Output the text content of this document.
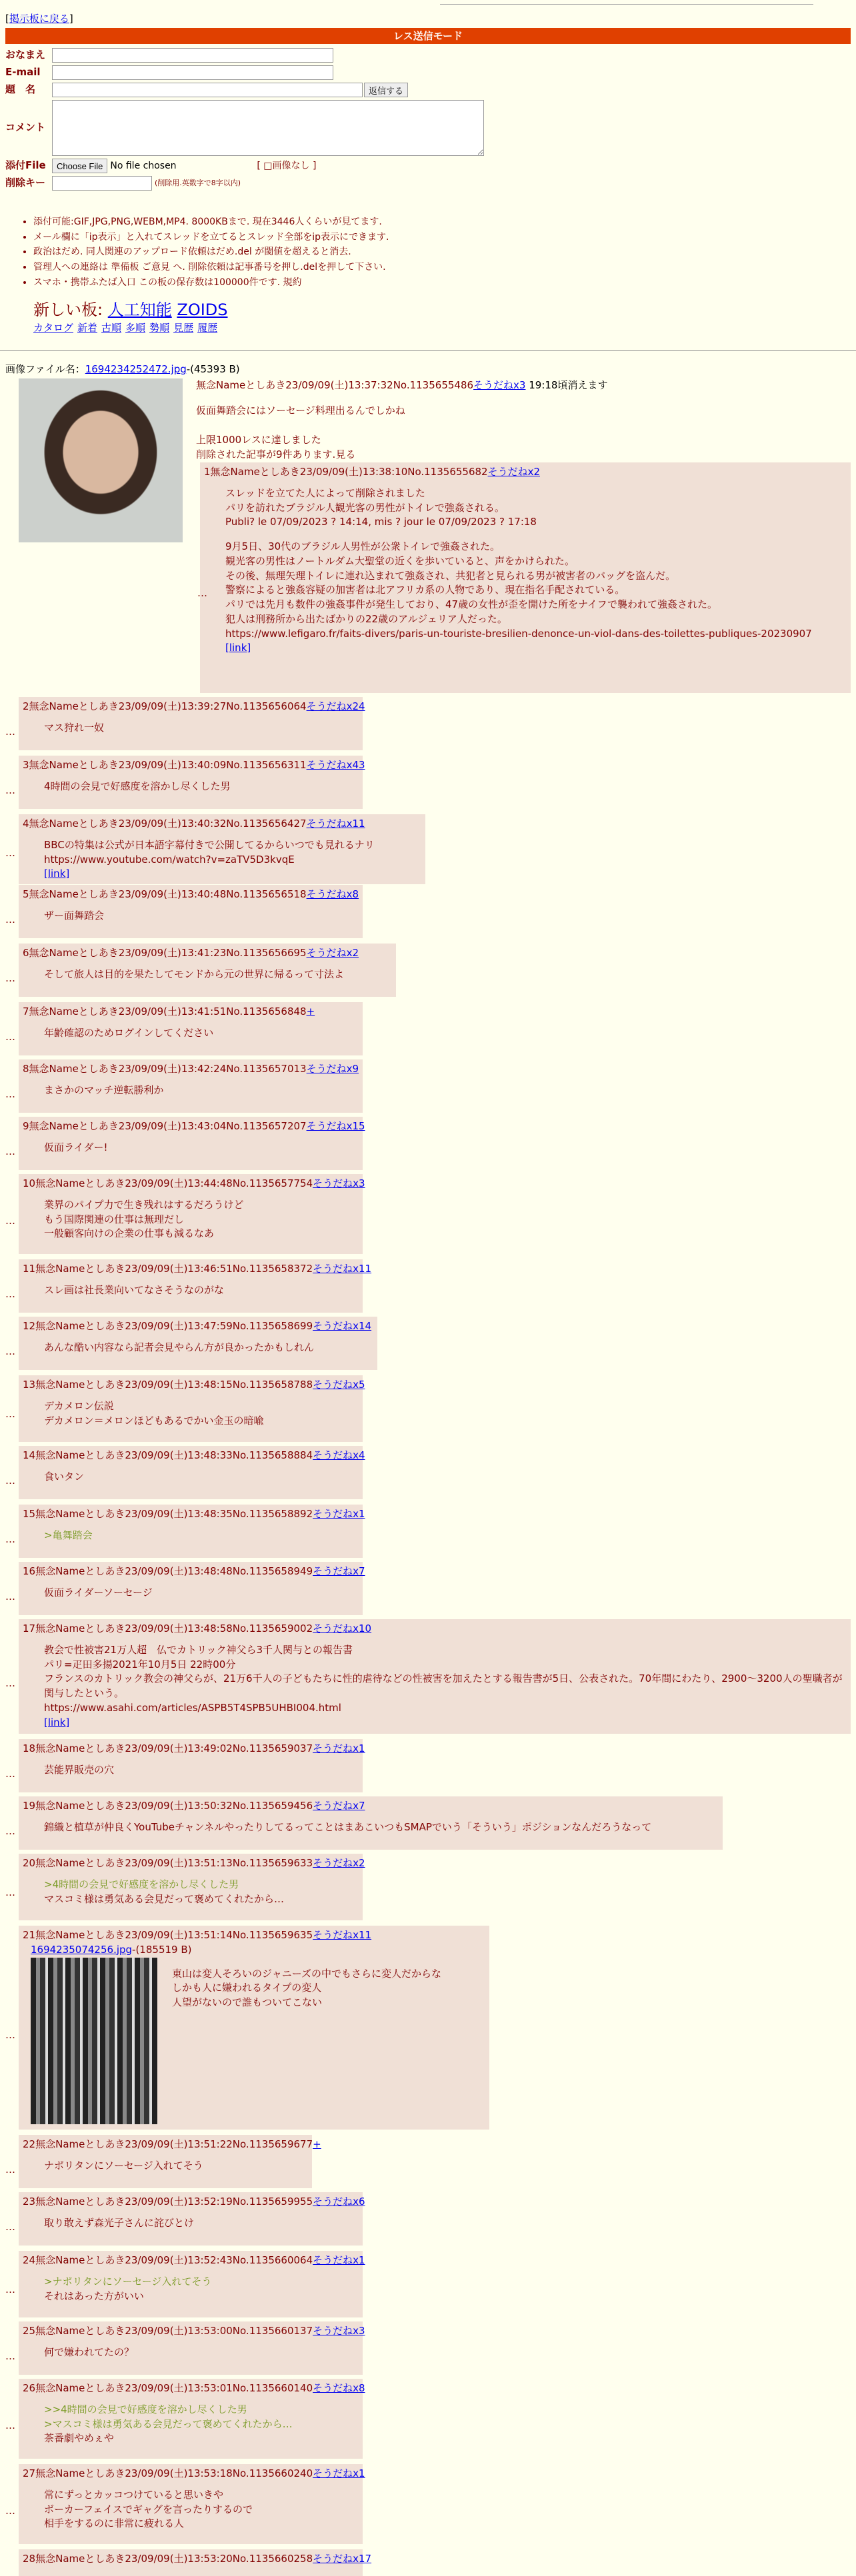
[掲示板に戻る]
レス送信モード
おなまえ
E-mail
題　名	返信する
コメント
添付File	Choose File No file chosen	[ □画像なし ]
削除キー	(削除用.英数字で8字以内)
• 添付可能:GIF,JPG,PNG,WEBM,MP4. 8000KBまで. 現在3446人くらいが見てます.
• メール欄に「ip表示」と入れてスレッドを立てるとスレッド全部をip表示にできます.
• 政治はだめ. 同人関連のアップロード依頼はだめ.del が閾値を超えると消去.
• 管理人への連絡は 準備板 ご意見 へ. 削除依頼は記事番号を押し.delを押して下さい.
• スマホ・携帯ふたば入口 この板の保存数は100000件です. 規約
新しい板: 人工知能 ZOIDS
カタログ 新着 古順 多順 勢順 見歴 履歴
画像ファイル名：1694234252472.jpg-(45393 B)
無念Nameとしあき23/09/09(土)13:37:32No.1135655486そうだねx3 19:18頃消えます
仮面舞踏会にはソーセージ料理出るんでしかね
上限1000レスに達しました
削除された記事が9件あります.見る
1無念Nameとしあき23/09/09(土)13:38:10No.1135655682そうだねx2
スレッドを立てた人によって削除されました
パリを訪れたブラジル人観光客の男性がトイレで強姦される。
Publi? le 07/09/2023 ? 14:14, mis ? jour le 07/09/2023 ? 17:18
9月5日、30代のブラジル人男性が公衆トイレで強姦された。
観光客の男性はノートルダム大聖堂の近くを歩いていると、声をかけられた。
その後、無理矢理トイレに連れ込まれて強姦され、共犯者と見られる男が被害者のバッグを盗んだ。
警察によると強姦容疑の加害者は北アフリカ系の人物であり、現在指名手配されている。
パリでは先月も数件の強姦事件が発生しており、47歳の女性が歪を開けた所をナイフで襲われて強姦された。
犯人は刑務所から出たばかりの22歳のアルジェリア人だった。
https://www.lefigaro.fr/faits-divers/paris-un-touriste-bresilien-denonce-un-viol-dans-des-toilettes-publiques-20230907
[link]
…
2無念Nameとしあき23/09/09(土)13:39:27No.1135656064そうだねx24
マス狩れ一奴
…
3無念Nameとしあき23/09/09(土)13:40:09No.1135656311そうだねx43
4時間の会見で好感度を溶かし尽くした男
…
4無念Nameとしあき23/09/09(土)13:40:32No.1135656427そうだねx11
BBCの特集は公式が日本語字幕付きで公開してるからいつでも見れるナリ
https://www.youtube.com/watch?v=zaTV5D3kvqE
[link]
…
5無念Nameとしあき23/09/09(土)13:40:48No.1135656518そうだねx8
ザー面舞踏会
…
6無念Nameとしあき23/09/09(土)13:41:23No.1135656695そうだねx2
そして旅人は目的を果たしてモンドから元の世界に帰るって寸法よ
…
7無念Nameとしあき23/09/09(土)13:41:51No.1135656848+
年齢確認のためログインしてください
…
8無念Nameとしあき23/09/09(土)13:42:24No.1135657013そうだねx9
まさかのマッチ逆転勝利か
…
9無念Nameとしあき23/09/09(土)13:43:04No.1135657207そうだねx15
仮面ライダー!
…
10無念Nameとしあき23/09/09(土)13:44:48No.1135657754そうだねx3
業界のパイプ力で生き残れはするだろうけど
もう国際関連の仕事は無理だし
一般顧客向けの企業の仕事も減るなあ
…
11無念Nameとしあき23/09/09(土)13:46:51No.1135658372そうだねx11
スレ画は社長業向いてなさそうなのがな
…
12無念Nameとしあき23/09/09(土)13:47:59No.1135658699そうだねx14
あんな酷い内容なら記者会見やらん方が良かったかもしれん
…
13無念Nameとしあき23/09/09(土)13:48:15No.1135658788そうだねx5
デカメロン伝説
デカメロン＝メロンほどもあるでかい金玉の暗喩
…
14無念Nameとしあき23/09/09(土)13:48:33No.1135658884そうだねx4
食いタン
…
15無念Nameとしあき23/09/09(土)13:48:35No.1135658892そうだねx1
>亀舞踏会
…
16無念Nameとしあき23/09/09(土)13:48:48No.1135658949そうだねx7
仮面ライダーソーセージ
…
17無念Nameとしあき23/09/09(土)13:48:58No.1135659002そうだねx10
教会で性被害21万人超　仏でカトリック神父ら3千人関与との報告書
パリ=疋田多揚2021年10月5日 22時00分
フランスのカトリック教会の神父らが、21万6千人の子どもたちに性的虐待などの性被害を加えたとする報告書が5日、公表された。70年間にわたり、2900〜3200人の聖職者が関与したという。
https://www.asahi.com/articles/ASPB5T4SPB5UHBI004.html
[link]
…
18無念Nameとしあき23/09/09(土)13:49:02No.1135659037そうだねx1
芸能界販売の穴
…
19無念Nameとしあき23/09/09(土)13:50:32No.1135659456そうだねx7
錦織と植草が仲良くYouTubeチャンネルやったりしてるってことはまあこいつもSMAPでいう「そういう」ポジションなんだろうなって
…
20無念Nameとしあき23/09/09(土)13:51:13No.1135659633そうだねx2
>4時間の会見で好感度を溶かし尽くした男
マスコミ様は勇気ある会見だって褒めてくれたから…
…
21無念Nameとしあき23/09/09(土)13:51:14No.1135659635そうだねx11
1694235074256.jpg-(185519 B)
東山は変人そろいのジャニーズの中でもさらに変人だからな
しかも人に嫌われるタイプの変人
人望がないので誰もついてこない
…
22無念Nameとしあき23/09/09(土)13:51:22No.1135659677+
ナポリタンにソーセージ入れてそう
…
23無念Nameとしあき23/09/09(土)13:52:19No.1135659955そうだねx6
取り敢えず森光子さんに詫びとけ
…
24無念Nameとしあき23/09/09(土)13:52:43No.1135660064そうだねx1
>ナポリタンにソーセージ入れてそう
それはあった方がいい
…
25無念Nameとしあき23/09/09(土)13:53:00No.1135660137そうだねx3
何で嫌われてたの？
…
26無念Nameとしあき23/09/09(土)13:53:01No.1135660140そうだねx8
>>4時間の会見で好感度を溶かし尽くした男
>マスコミ様は勇気ある会見だって褒めてくれたから…
茶番劇やめぇや
…
27無念Nameとしあき23/09/09(土)13:53:18No.1135660240そうだねx1
常にずっとカッコつけていると思いきや
ボーカーフェイスでギャグを言ったりするので
相手をするのに非常に疲れる人
…
28無念Nameとしあき23/09/09(土)13:53:20No.1135660258そうだねx17
